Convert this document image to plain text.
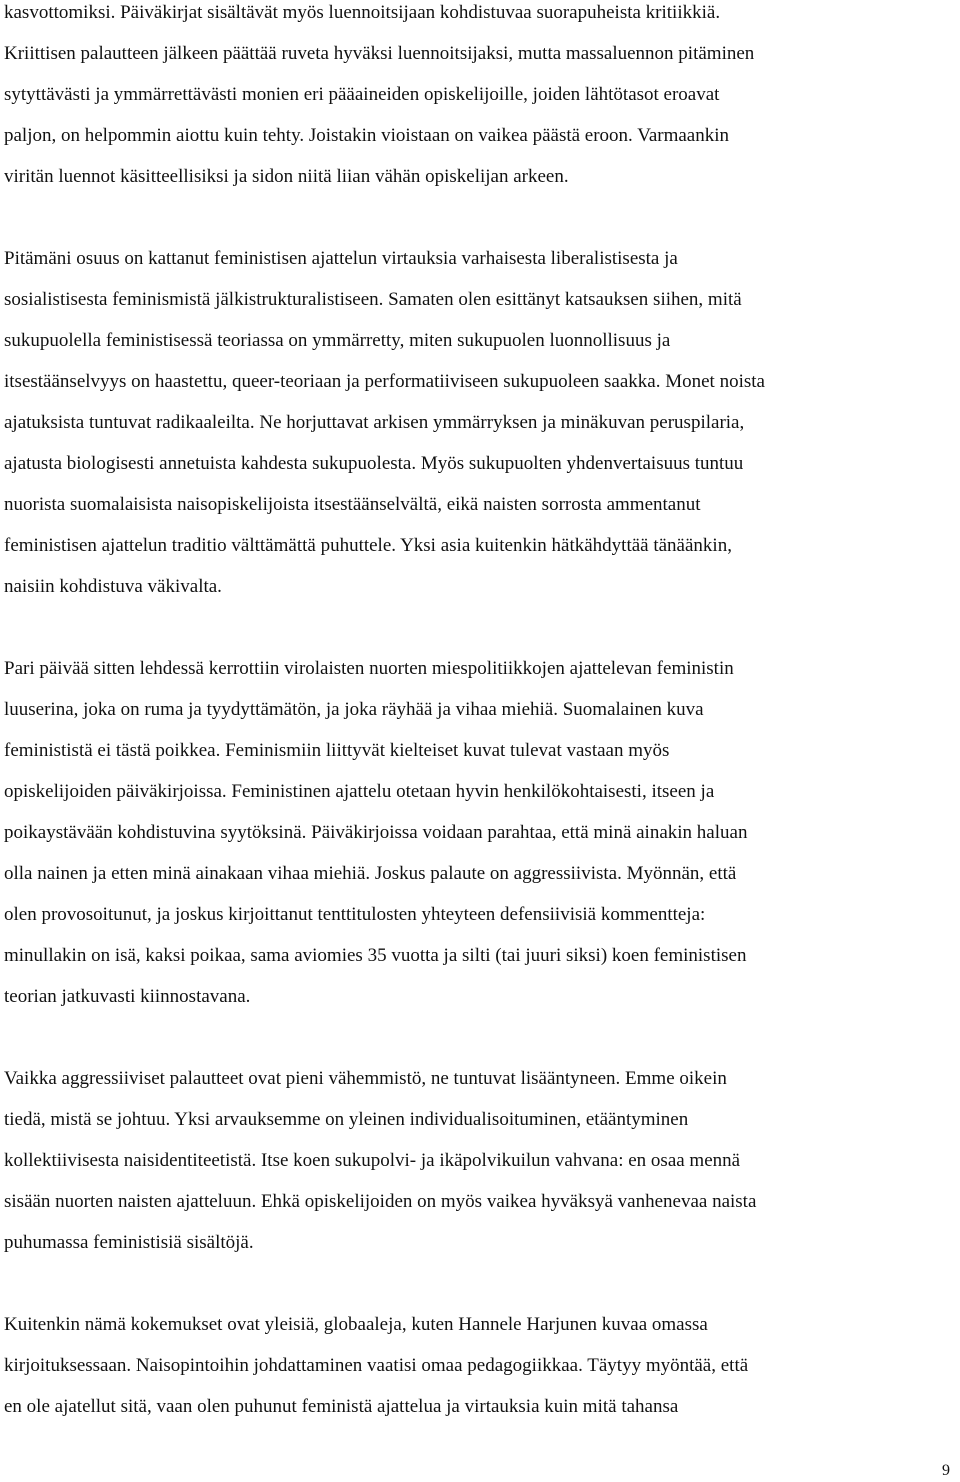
kasvottomiksi. Päiväkirjat sisältävät myös luennoitsijaan kohdistuvaa suorapuheista kritiikkiä.
Kriittisen palautteen jälkeen päättää ruveta hyväksi luennoitsijaksi, mutta massaluennon pitäminen
sytyttävästi ja ymmärrettävästi monien eri pääaineiden opiskelijoille, joiden lähtötasot eroavat
paljon, on helpommin aiottu kuin tehty. Joistakin vioistaan on vaikea päästä eroon. Varmaankin
viritän luennot käsitteellisiksi ja sidon niitä liian vähän opiskelijan arkeen.
Pitämäni osuus on kattanut feministisen ajattelun virtauksia varhaisesta liberalistisesta ja
sosialistisesta feminismistä jälkistrukturalistiseen. Samaten olen esittänyt katsauksen siihen, mitä
sukupuolella feministisessä teoriassa on ymmärretty, miten sukupuolen luonnollisuus ja
itsestäänselvyys on haastettu, queer-teoriaan ja performatiiviseen sukupuoleen saakka. Monet noista
ajatuksista tuntuvat radikaaleilta. Ne horjuttavat arkisen ymmärryksen ja minäkuvan peruspilaria,
ajatusta biologisesti annetuista kahdesta sukupuolesta. Myös sukupuolten yhdenvertaisuus tuntuu
nuorista suomalaisista naisopiskelijoista itsestäänselvältä, eikä naisten sorrosta ammentanut
feministisen ajattelun traditio välttämättä puhuttele. Yksi asia kuitenkin hätkähdyttää tänäänkin,
naisiin kohdistuva väkivalta.
Pari päivää sitten lehdessä kerrottiin virolaisten nuorten miespolitiikkojen ajattelevan feministin
luuserina, joka on ruma ja tyydyttämätön, ja joka räyhää ja vihaa miehiä. Suomalainen kuva
feminististä ei tästä poikkea. Feminismiin liittyvät kielteiset kuvat tulevat vastaan myös
opiskelijoiden päiväkirjoissa. Feministinen ajattelu otetaan hyvin henkilökohtaisesti, itseen ja
poikaystävään kohdistuvina syytöksinä. Päiväkirjoissa voidaan parahtaa, että minä ainakin haluan
olla nainen ja etten minä ainakaan vihaa miehiä. Joskus palaute on aggressiivista. Myönnän, että
olen provosoitunut, ja joskus kirjoittanut tenttitulosten yhteyteen defensiivisiä kommentteja:
minullakin on isä, kaksi poikaa, sama aviomies 35 vuotta ja silti (tai juuri siksi) koen feministisen
teorian jatkuvasti kiinnostavana.
Vaikka aggressiiviset palautteet ovat pieni vähemmistö, ne tuntuvat lisääntyneen. Emme oikein
tiedä, mistä se johtuu. Yksi arvauksemme on yleinen individualisoituminen, etääntyminen
kollektiivisesta naisidentiteetistä. Itse koen sukupolvi- ja ikäpolvikuilun vahvana: en osaa mennä
sisään nuorten naisten ajatteluun. Ehkä opiskelijoiden on myös vaikea hyväksyä vanhenevaa naista
puhumassa feministisiä sisältöjä.
Kuitenkin nämä kokemukset ovat yleisiä, globaaleja, kuten Hannele Harjunen kuvaa omassa
kirjoituksessaan. Naisopintoihin johdattaminen vaatisi omaa pedagogiikkaa. Täytyy myöntää, että
en ole ajatellut sitä, vaan olen puhunut feministä ajattelua ja virtauksia kuin mitä tahansa
9
